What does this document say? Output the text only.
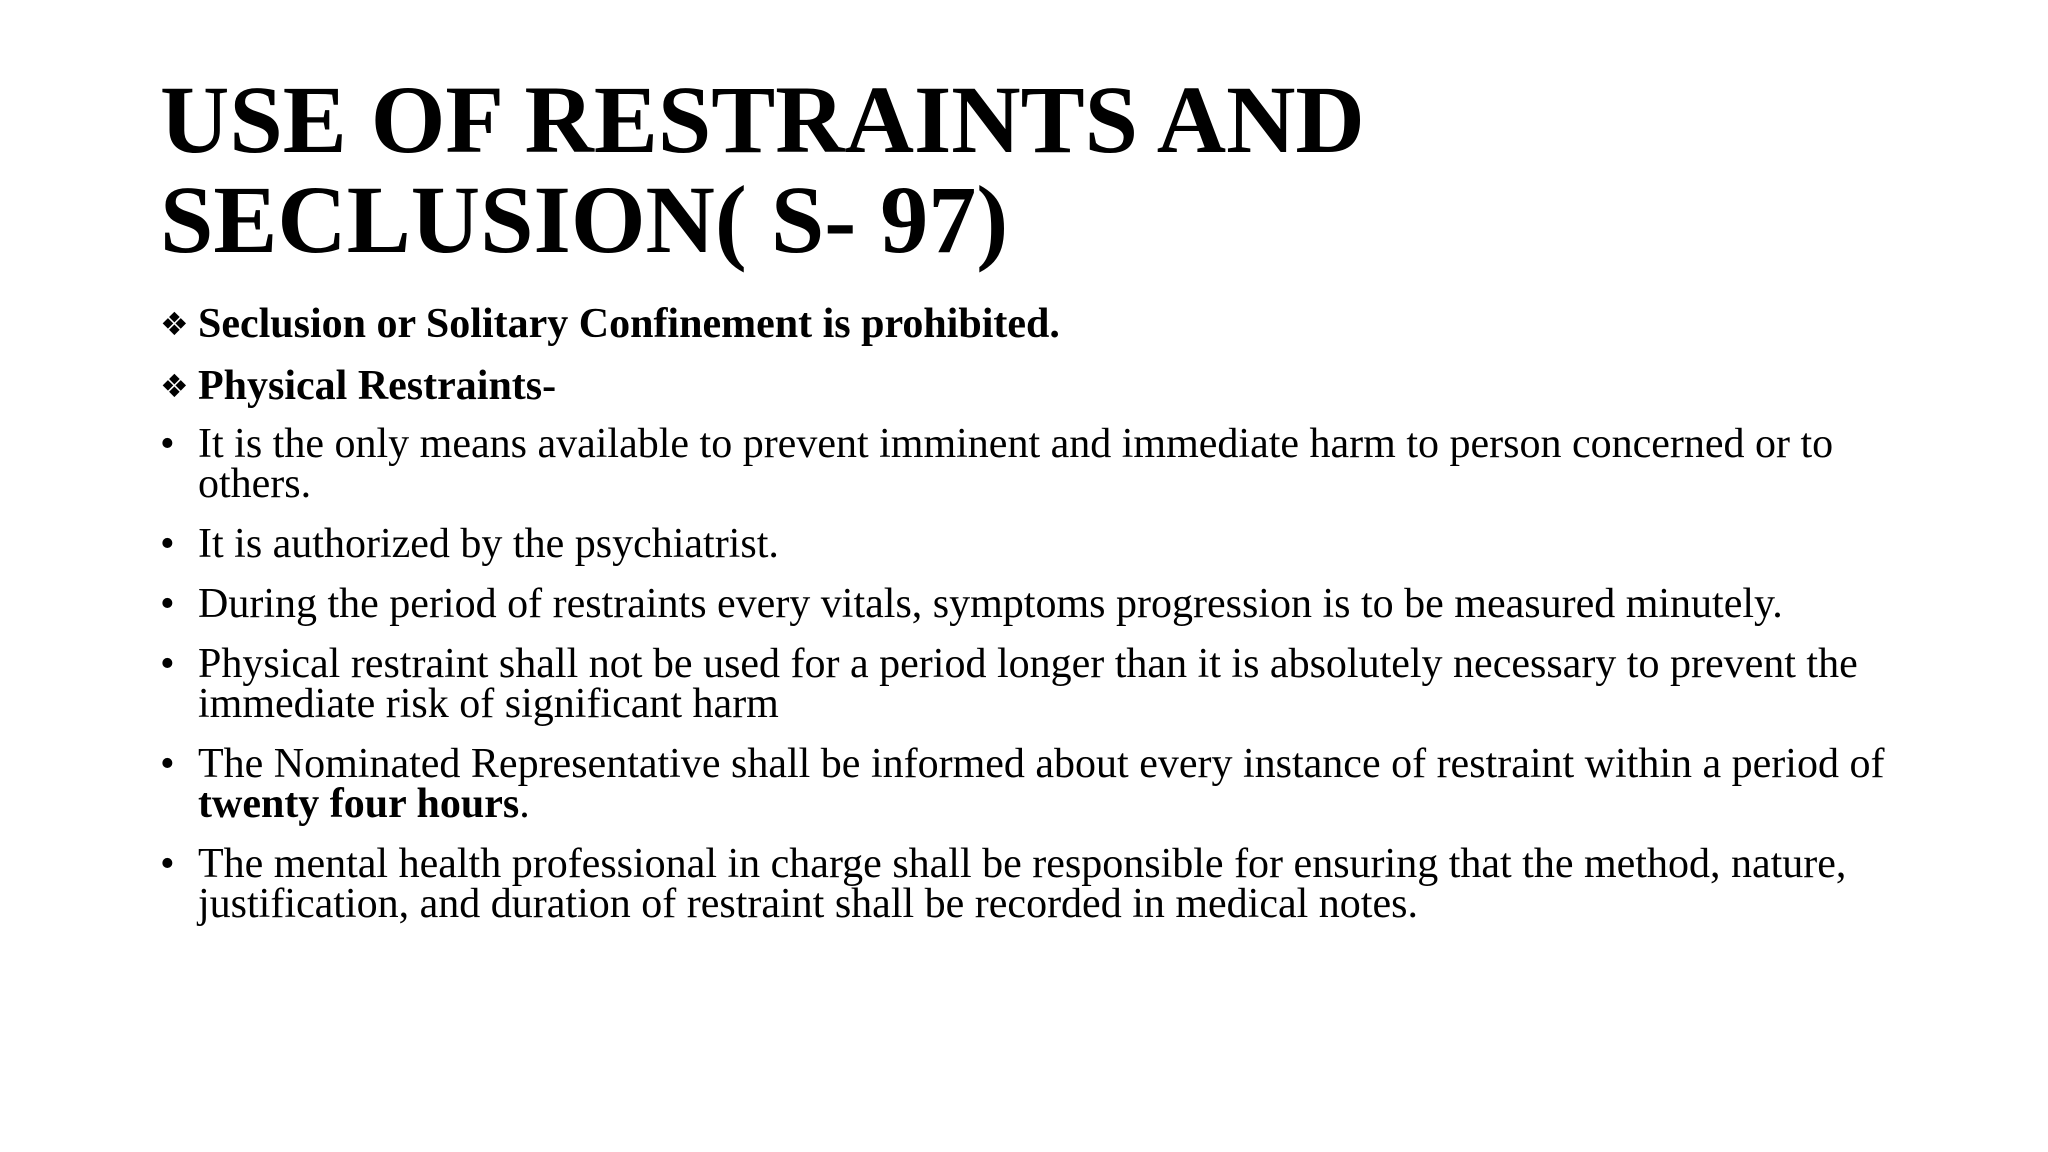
USE OF RESTRAINTS AND
SECLUSION( S- 97)
❖ Seclusion or Solitary Confinement is prohibited.
❖ Physical Restraints-
• It is the only means available to prevent imminent and immediate harm to person concerned or to others.
• It is authorized by the psychiatrist.
• During the period of restraints every vitals, symptoms progression is to be measured minutely.
• Physical restraint shall not be used for a period longer than it is absolutely necessary to prevent the immediate risk of significant harm
• The Nominated Representative shall be informed about every instance of restraint within a period of twenty four hours.
• The mental health professional in charge shall be responsible for ensuring that the method, nature, justification, and duration of restraint shall be recorded in medical notes.
